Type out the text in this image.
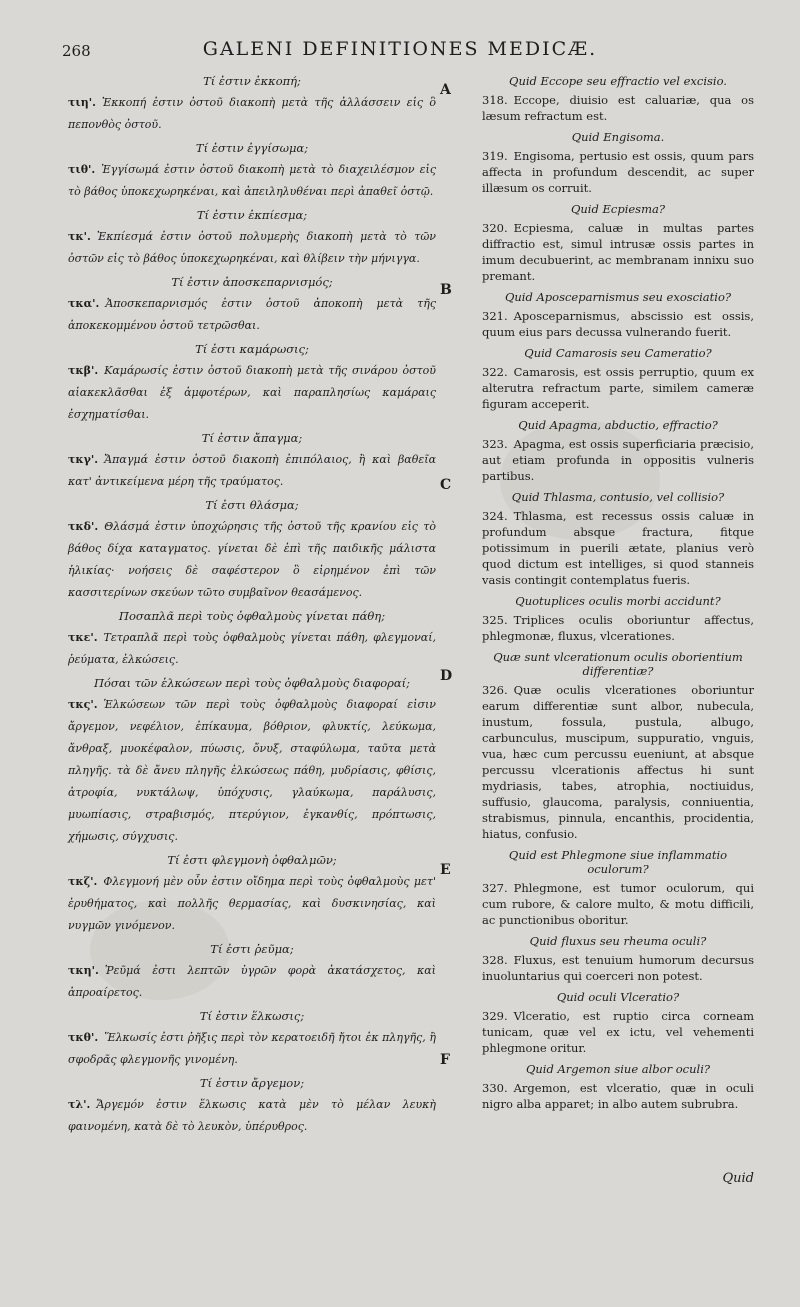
268	GALENI DEFINITIONES MEDICÆ.
A
B
C
D
E
F
Τί ἐστιν ἐκκοπή;
τιη'. Ἐκκοπή ἐστιν ὀστοῦ διακοπὴ μετὰ τῆς ἀλλάσσειν εἰς ὃ πεπονθὸς ὀστοῦ.
Τί ἐστιν ἐγγίσωμα;
τιθ'. Ἐγγίσωμά ἐστιν ὀστοῦ διακοπὴ μετὰ τὸ διαχειλέσμον εἰς τὸ βάθος ὑποκεχωρηκέναι, καὶ ἀπειληλυθέναι περὶ ἀπαθεῖ ὀστῷ.
Τί ἐστιν ἐκπίεσμα;
τκ'. Ἐκπίεσμά ἐστιν ὀστοῦ πολυμερὴς διακοπὴ μετὰ τὸ τῶν ὀστῶν εἰς τὸ βάθος ὑποκεχωρηκέναι, καὶ θλίβειν τὴν μήνιγγα.
Τί ἐστιν ἀποσκεπαρνισμός;
τκα'. Ἀποσκεπαρνισμός ἐστιν ὀστοῦ ἀποκοπὴ μετὰ τῆς ἀποκεκομμένου ὀστοῦ τετρῶσθαι.
Τί ἐστι καμάρωσις;
τκβ'. Καμάρωσίς ἐστιν ὀστοῦ διακοπὴ μετὰ τῆς σινάρου ὀστοῦ αἰακεκλᾶσθαι ἐξ ἀμφοτέρων, καὶ παραπλησίως καμάραις ἐσχηματίσθαι.
Τί ἐστιν ἄπαγμα;
τκγ'. Ἄπαγμά ἐστιν ὀστοῦ διακοπὴ ἐπιπόλαιος, ἢ καὶ βαθεῖα κατ' ἀντικείμενα μέρη τῆς τραύματος.
Τί ἐστι θλάσμα;
τκδ'. Θλάσμά ἐστιν ὑποχώρησις τῆς ὀστοῦ τῆς κρανίου εἰς τὸ βάθος δίχα καταγματος. γίνεται δὲ ἐπὶ τῆς παιδικῆς μάλιστα ἡλικίας· νοήσεις δὲ σαφέστερον ὃ εἰρημένον ἐπὶ τῶν κασσιτερίνων σκεύων τῶτο συμβαῖνον θεασάμενος.
Ποσαπλᾶ περὶ τοὺς ὀφθαλμοὺς γίνεται πάθη;
τκε'. Τετραπλᾶ περὶ τοὺς ὀφθαλμοὺς γίνεται πάθη, φλεγμοναί, ῥεύματα, ἑλκώσεις.
Πόσαι τῶν ἑλκώσεων περὶ τοὺς ὀφθαλμοὺς διαφοραί;
τκς'. Ἑλκώσεων τῶν περὶ τοὺς ὀφθαλμοὺς διαφοραί εἰσιν ἄργεμον, νεφέλιον, ἐπίκαυμα, βόθριον, φλυκτίς, λεύκωμα, ἄνθραξ, μυοκέφαλον, πύωσις, ὄνυξ, σταφύλωμα, ταῦτα μετὰ πληγῆς. τὰ δὲ ἄνευ πληγῆς ἑλκώσεως πάθη, μυδρίασις, φθίσις, ἀτροφία, νυκτάλωψ, ὑπόχυσις, γλαύκωμα, παράλυσις, μυωπίασις, στραβισμός, πτερύγιον, ἐγκανθίς, πρόπτωσις, χήμωσις, σύγχυσις.
Τί ἐστι φλεγμονὴ ὀφθαλμῶν;
τκζ'. Φλεγμονή μὲν οὖν ἐστιν οἴδημα περὶ τοὺς ὀφθαλμοὺς μετ' ἐρυθήματος, καὶ πολλῆς θερμασίας, καὶ δυσκινησίας, καὶ νυγμῶν γινόμενον.
Τί ἐστι ῥεῦμα;
τκη'. Ῥεῦμά ἐστι λεπτῶν ὑγρῶν φορὰ ἀκατάσχετος, καὶ ἀπροαίρετος.
Τί ἐστιν ἕλκωσις;
τκθ'. Ἕλκωσίς ἐστι ῥῆξις περὶ τὸν κερατοειδῆ ἤτοι ἐκ πληγῆς, ἢ σφοδρᾶς φλεγμονῆς γινομένη.
Τί ἐστιν ἄργεμον;
τλ'. Ἄργεμόν ἐστιν ἕλκωσις κατὰ μὲν τὸ μέλαν λευκὴ φαινομένη, κατὰ δὲ τὸ λευκὸν, ὑπέρυθρος.
Quid Eccope seu effractio vel excisio.
318. Eccope, diuisio est caluariæ, qua os læsum refractum est.
Quid Engisoma.
319. Engisoma, pertusio est ossis, quum pars affecta in profundum descendit, ac super illæsum os corruit.
Quid Ecpiesma?
320. Ecpiesma, caluæ in multas partes diffractio est, simul intrusæ ossis partes in imum decubuerint, ac membranam innixu suo premant.
Quid Aposceparnismus seu exosciatio?
321. Aposceparnismus, abscissio est ossis, quum eius pars decussa vulnerando fuerit.
Quid Camarosis seu Cameratio?
322. Camarosis, est ossis perruptio, quum ex alterutra refractum parte, similem cameræ figuram acceperit.
Quid Apagma, abductio, effractio?
323. Apagma, est ossis superficiaria præcisio, aut etiam profunda in oppositis vulneris partibus.
Quid Thlasma, contusio, vel collisio?
324. Thlasma, est recessus ossis caluæ in profundum absque fractura, fitque potissimum in puerili ætate, planius verò quod dictum est intelliges, si quod stanneis vasis contingit contemplatus fueris.
Quotuplices oculis morbi accidunt?
325. Triplices oculis oboriuntur affectus, phlegmonæ, fluxus, vlcerationes.
Quæ sunt vlcerationum oculis oborientium differentiæ?
326. Quæ oculis vlcerationes oboriuntur earum differentiæ sunt albor, nubecula, inustum, fossula, pustula, albugo, carbunculus, muscipum, suppuratio, vnguis, vua, hæc cum percussu eueniunt, at absque percussu vlcerationis affectus hi sunt mydriasis, tabes, atrophia, noctiuidus, suffusio, glaucoma, paralysis, conniuentia, strabismus, pinnula, encanthis, procidentia, hiatus, confusio.
Quid est Phlegmone siue inflammatio oculorum?
327. Phlegmone, est tumor oculorum, qui cum rubore, & calore multo, & motu difficili, ac punctionibus oboritur.
Quid fluxus seu rheuma oculi?
328. Fluxus, est tenuium humorum decursus inuoluntarius qui coerceri non potest.
Quid oculi Vlceratio?
329. Vlceratio, est ruptio circa corneam tunicam, quæ vel ex ictu, vel vehementi phlegmone oritur.
Quid Argemon siue albor oculi?
330. Argemon, est vlceratio, quæ in oculi nigro alba apparet; in albo autem subrubra.
Quid
